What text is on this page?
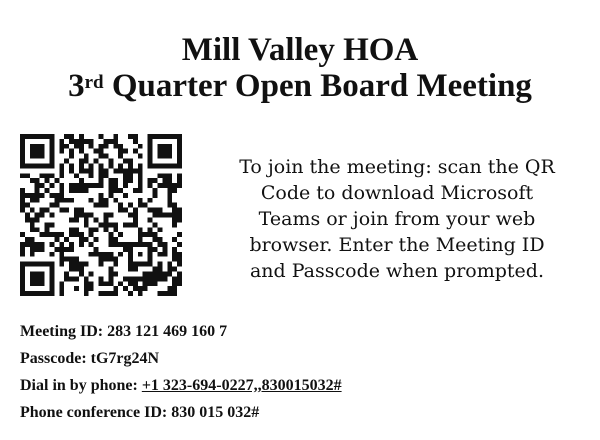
Mill Valley HOA
3rd Quarter Open Board Meeting
To join the meeting: scan the QR Code to download Microsoft Teams or join from your web browser. Enter the Meeting ID and Passcode when prompted.
Meeting ID: 283 121 469 160 7
Passcode: tG7rg24N
Dial in by phone: +1 323-694-0227,,830015032#
Phone conference ID: 830 015 032#
